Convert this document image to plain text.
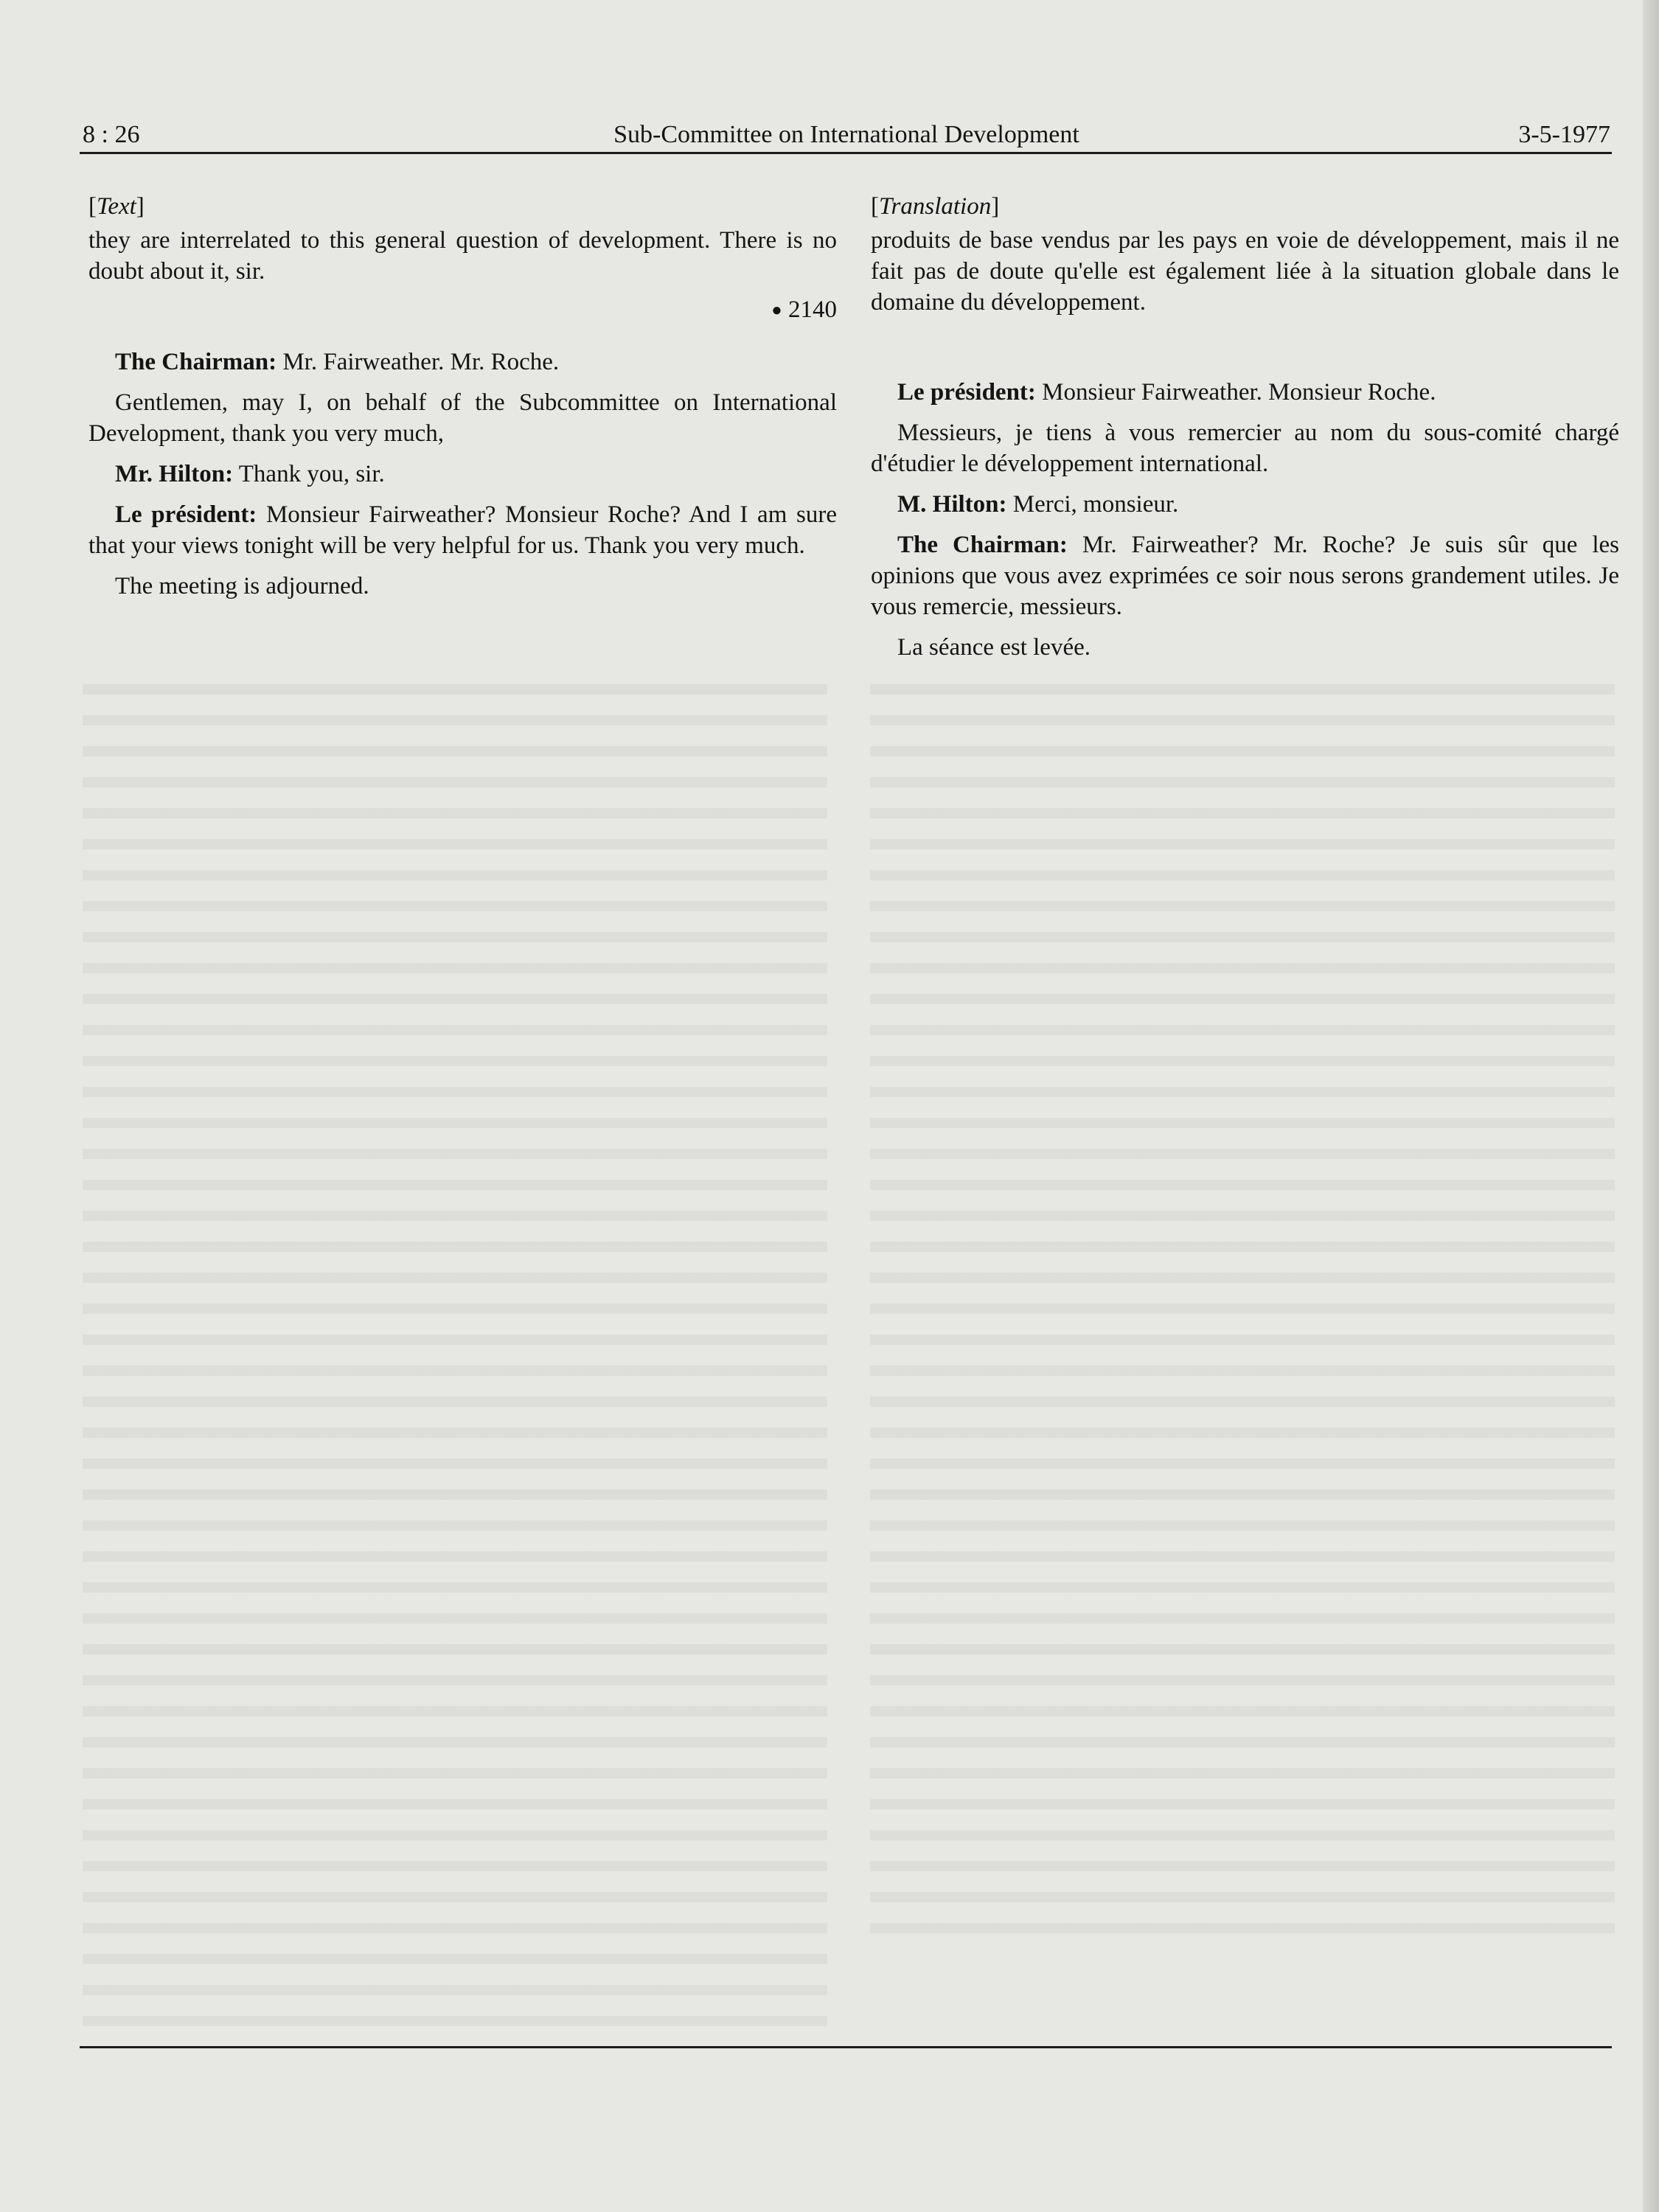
8 : 26	Sub-Committee on International Development	3-5-1977
[Text]

they are interrelated to this general question of development. There is no doubt about it, sir.

● 2140

The Chairman: Mr. Fairweather. Mr. Roche.

Gentlemen, may I, on behalf of the Subcommittee on International Development, thank you very much,

Mr. Hilton: Thank you, sir.

Le président: Monsieur Fairweather? Monsieur Roche? And I am sure that your views tonight will be very helpful for us. Thank you very much.

The meeting is adjourned.

[Translation]

produits de base vendus par les pays en voie de développement, mais il ne fait pas de doute qu'elle est également liée à la situation globale dans le domaine du développement.

Le président: Monsieur Fairweather. Monsieur Roche.

Messieurs, je tiens à vous remercier au nom du sous-comité chargé d'étudier le développement international.

M. Hilton: Merci, monsieur.

The Chairman: Mr. Fairweather? Mr. Roche? Je suis sûr que les opinions que vous avez exprimées ce soir nous serons grandement utiles. Je vous remercie, messieurs.

La séance est levée.
